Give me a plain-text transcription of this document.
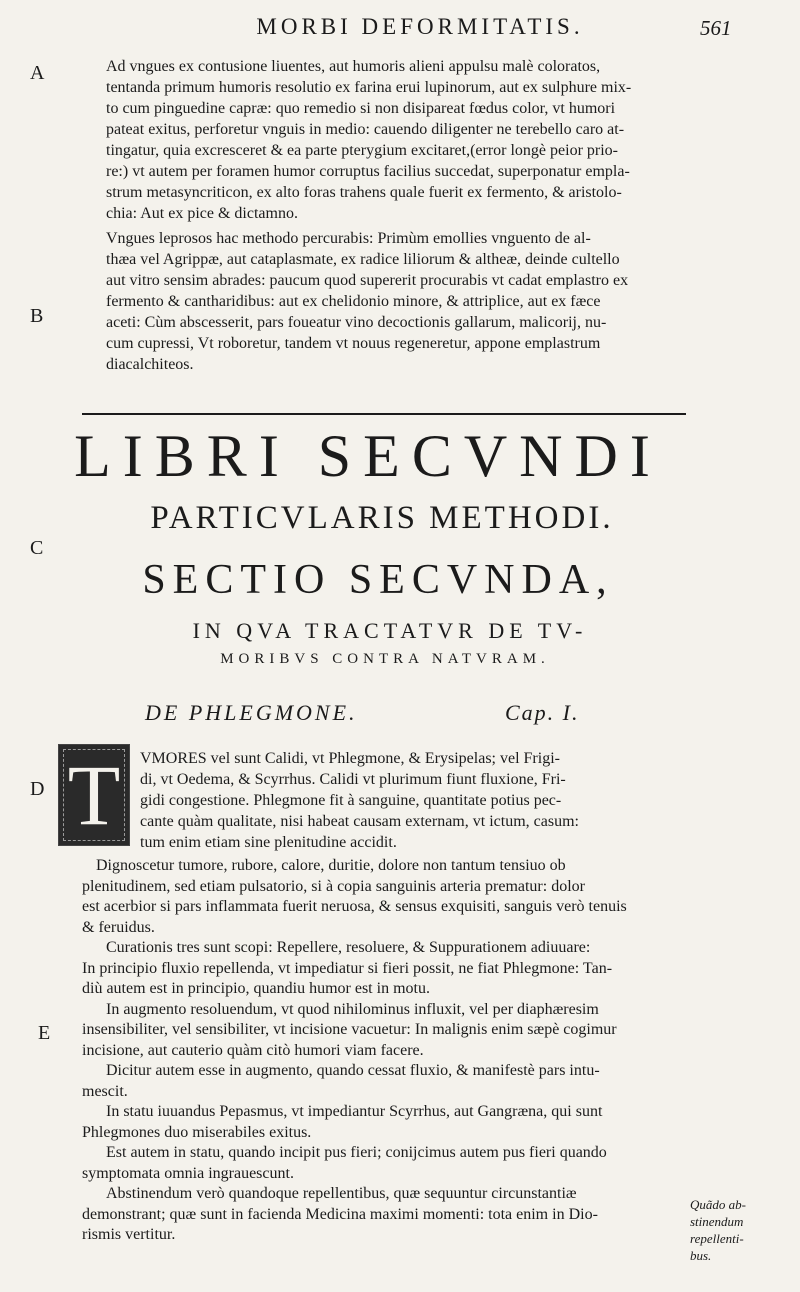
MORBI DEFORMITATIS.	561
A
B
C
D
E

Ad vngues ex contusione liuentes, aut humoris alieni appulsu malè coloratos,
tentanda primum humoris resolutio ex farina erui lupinorum, aut ex sulphure mix-
to cum pinguedine capræ: quo remedio si non disipareat fœdus color, vt humori
pateat exitus, perforetur vnguis in medio: cauendo diligenter ne terebello caro at-
tingatur, quia excresceret & ea parte pterygium excitaret,(error longè peior prio-
re:) vt autem per foramen humor corruptus facilius succedat, superponatur empla-
strum metasyncriticon, ex alto foras trahens quale fuerit ex fermento, & aristolo-
chia: Aut ex pice & dictamno.

Vngues leprosos hac methodo percurabis: Primùm emollies vnguento de al-
thæa vel Agrippæ, aut cataplasmate, ex radice liliorum & altheæ, deinde cultello
aut vitro sensim abrades: paucum quod supererit procurabis vt cadat emplastro ex
fermento & cantharidibus: aut ex chelidonio minore, & attriplice, aut ex fæce
aceti: Cùm abscesserit, pars foueatur vino decoctionis gallarum, malicorij, nu-
cum cupressi, Vt roboretur, tandem vt nouus regeneretur, appone emplastrum
diacalchiteos.

LIBRI SECVNDI
PARTICVLARIS METHODI.
SECTIO SECVNDA,
IN QVA TRACTATVR DE TV-
MORIBVS CONTRA NATVRAM.
DE PHLEGMONE.	Cap. I.
T	VMORES vel sunt Calidi, vt Phlegmone, & Erysipelas; vel Frigi-
di, vt Oedema, & Scyrrhus. Calidi vt plurimum fiunt fluxione, Fri-
gidi congestione. Phlegmone fit à sanguine, quantitate potius pec-
cante quàm qualitate, nisi habeat causam externam, vt ictum, casum:
tum enim etiam sine plenitudine accidit.
Dignoscetur tumore, rubore, calore, duritie, dolore non tantum tensiuo ob
plenitudinem, sed etiam pulsatorio, si à copia sanguinis arteria prematur: dolor
est acerbior si pars inflammata fuerit neruosa, & sensus exquisiti, sanguis verò tenuis
& feruidus.
Curationis tres sunt scopi: Repellere, resoluere, & Suppurationem adiuuare:
In principio fluxio repellenda, vt impediatur si fieri possit, ne fiat Phlegmone: Tan-
diù autem est in principio, quandiu humor est in motu.
In augmento resoluendum, vt quod nihilominus influxit, vel per diaphæresim
insensibiliter, vel sensibiliter, vt incisione vacuetur: In malignis enim sæpè cogimur
incisione, aut cauterio quàm citò humori viam facere.
Dicitur autem esse in augmento, quando cessat fluxio, & manifestè pars intu-
mescit.
In statu iuuandus Pepasmus, vt impediantur Scyrrhus, aut Gangræna, qui sunt
Phlegmones duo miserabiles exitus.
Est autem in statu, quando incipit pus fieri; conijcimus autem pus fieri quando
symptomata omnia ingrauescunt.
Abstinendum verò quandoque repellentibus, quæ sequuntur circunstantiæ
demonstrant; quæ sunt in facienda Medicina maximi momenti: tota enim in Dio-
rismis vertitur.
Quãdo ab-
stinendum
repellenti-
bus.
